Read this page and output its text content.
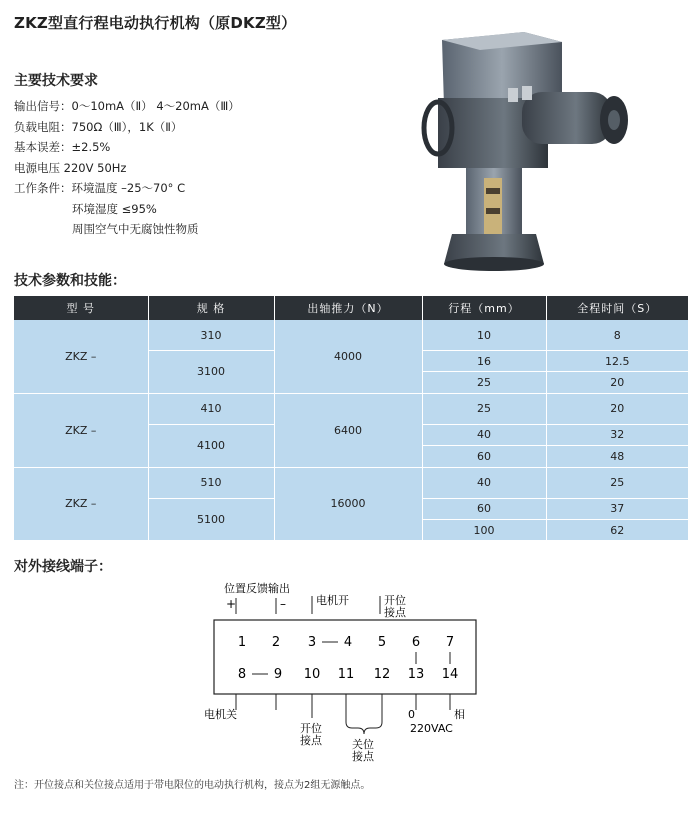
ZKZ型直行程电动执行机构（原DKZ型）
主要技术要求
输出信号：0～10mA（Ⅱ） 4～20mA（Ⅲ）
负载电阻：750Ω（Ⅲ），1K（Ⅱ）
基本误差：±2.5%
电源电压 220V 50Hz
工作条件：环境温度 –25～70° C
环境湿度 ≤95%
周围空气中无腐蚀性物质
技术参数和技能：
型 号	规 格	出轴推力（N）	行程（mm）	全程时间（S）
ZKZ –	310	4000	10	8
	3100		16	12.5
			25	20
ZKZ –	410	6400	25	20
	4100		40	32
			60	48
ZKZ –	510	16000	40	25
	5100		60	37
			100	62
对外接线端子：
位置反馈输出
+	–	电机开	开位
接点
1 2 3 4 5 6 7
8 9 10 11 12 13 14
电机关
开位
接点	关位
接点
0	相
220VAC
注：开位接点和关位接点适用于带电限位的电动执行机构，接点为2组无源触点。
